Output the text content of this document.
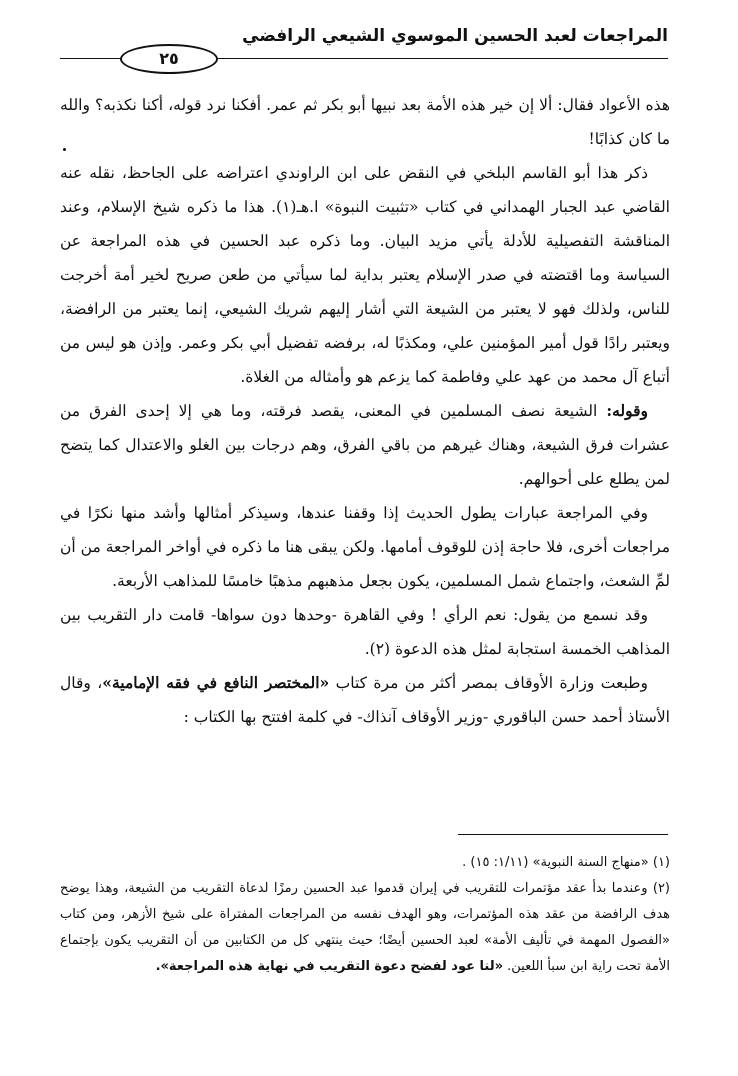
المراجعات لعبد الحسين الموسوي الشيعي الرافضي
٢٥

هذه الأعواد فقال: ألا إن خير هذه الأمة بعد نبيها أبو بكر ثم عمر. أفكنا نرد قوله، أكنا نكذبه؟ والله ما كان كذابًا!

ذكر هذا أبو القاسم البلخي في النقض على ابن الراوندي اعتراضه على الجاحظ، نقله عنه القاضي عبد الجبار الهمداني في كتاب «تثبيت النبوة» ا.هـ(١). هذا ما ذكره شيخ الإسلام، وعند المناقشة التفصيلية للأدلة يأتي مزيد البيان. وما ذكره عبد الحسين في هذه المراجعة عن السياسة وما اقتضته في صدر الإسلام يعتبر بداية لما سيأتي من طعن صريح لخير أمة أخرجت للناس، ولذلك فهو لا يعتبر من الشيعة التي أشار إليهم شريك الشيعي، إنما يعتبر من الرافضة، ويعتبر رادًا قول أمير المؤمنين علي، ومكذبًا له، برفضه تفضيل أبي بكر وعمر. وإذن هو ليس من أتباع آل محمد من عهد علي وفاطمة كما يزعم هو وأمثاله من الغلاة.

وقوله: الشيعة نصف المسلمين في المعنى، يقصد فرقته، وما هي إلا إحدى الفرق من عشرات فرق الشيعة، وهناك غيرهم من باقي الفرق، وهم درجات بين الغلو والاعتدال كما يتضح لمن يطلع على أحوالهم.

وفي المراجعة عبارات يطول الحديث إذا وقفنا عندها، وسيذكر أمثالها وأشد منها نكرًا في مراجعات أخرى، فلا حاجة إذن للوقوف أمامها. ولكن يبقى هنا ما ذكره في أواخر المراجعة من أن لمِّ الشعث، واجتماع شمل المسلمين، يكون بجعل مذهبهم مذهبًا خامسًا للمذاهب الأربعة.

وقد نسمع من يقول: نعم الرأي ! وفي القاهرة -وحدها دون سواها- قامت دار التقريب بين المذاهب الخمسة استجابة لمثل هذه الدعوة (٢).

وطبعت وزارة الأوقاف بمصر أكثر من مرة كتاب «المختصر النافع في فقه الإمامية»، وقال الأستاذ أحمد حسن الباقوري -وزير الأوقاف آنذاك- في كلمة افتتح بها الكتاب :

(١) «منهاج السنة النبوية» (١/١١: ١٥) .

(٢) وعندما بدأ عقد مؤتمرات للتقريب في إيران قدموا عبد الحسين رمزًا لدعاة التقريب من الشيعة، وهذا يوضح هدف الرافضة من عقد هذه المؤتمرات، وهو الهدف نفسه من المراجعات المفتراة على شيخ الأزهر، ومن كتاب «الفصول المهمة في تأليف الأمة» لعبد الحسين أيضًا؛ حيث ينتهي كل من الكتابين من أن التقريب يكون بإجتماع الأمة تحت راية ابن سبأ اللعين. «لنا عود لفضح دعوة التقريب في نهاية هذه المراجعة».
